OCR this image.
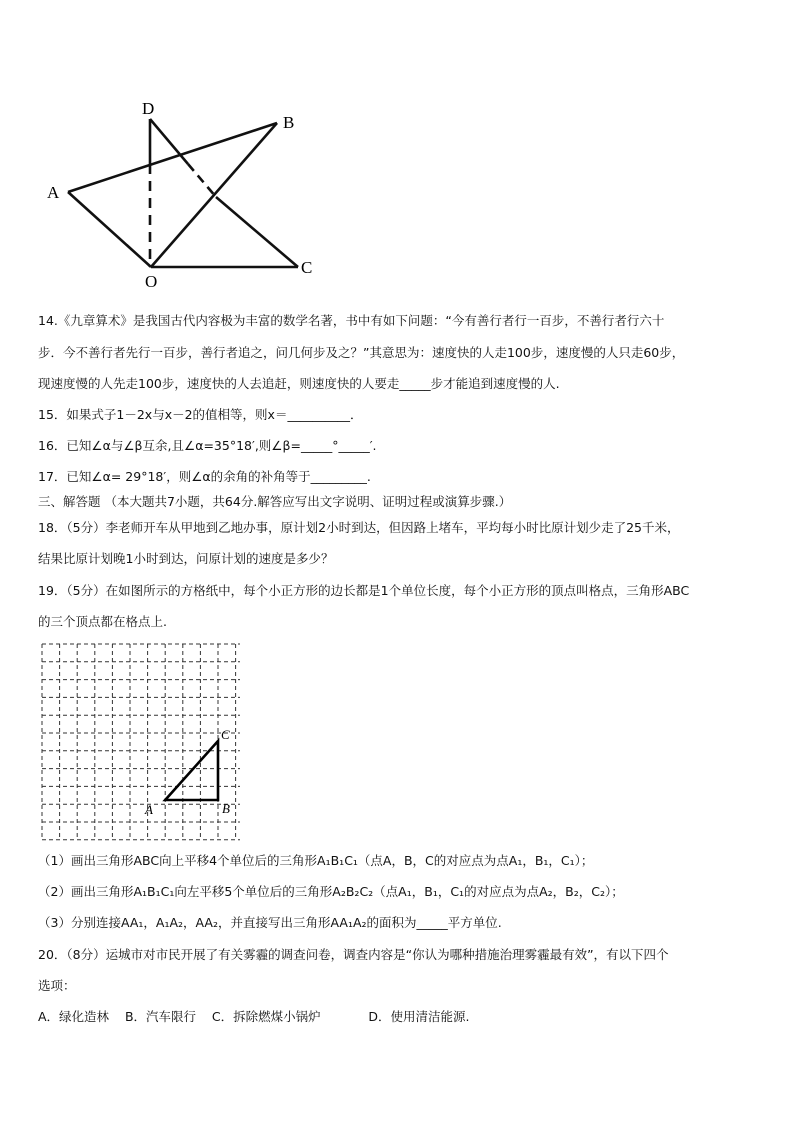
D
B
A
O
C
14.《九章算术》是我国古代内容极为丰富的数学名著，书中有如下问题：“今有善行者行一百步，不善行者行六十
步．今不善行者先行一百步，善行者追之，问几何步及之？”其意思为：速度快的人走100步，速度慢的人只走60步，
现速度慢的人先走100步，速度快的人去追赶，则速度快的人要走_____步才能追到速度慢的人.
15．如果式子1－2x与x－2的值相等，则x＝__________．
16．已知∠α与∠β互余,且∠α=35°18′,则∠β=_____°_____′.
17．已知∠α= 29°18′，则∠α的余角的补角等于_________.
三、解答题 （本大题共7小题，共64分.解答应写出文字说明、证明过程或演算步骤.）
18．（5分）李老师开车从甲地到乙地办事，原计划2小时到达，但因路上堵车，平均每小时比原计划少走了25千米，
结果比原计划晚1小时到达，问原计划的速度是多少？
19．（5分）在如图所示的方格纸中，每个小正方形的边长都是1个单位长度，每个小正方形的顶点叫格点，三角形ABC
的三个顶点都在格点上.
A	B
C
（1）画出三角形ABC向上平移4个单位后的三角形A₁B₁C₁（点A，B，C的对应点为点A₁，B₁，C₁）；
（2）画出三角形A₁B₁C₁向左平移5个单位后的三角形A₂B₂C₂（点A₁，B₁，C₁的对应点为点A₂，B₂，C₂）；
（3）分别连接AA₁，A₁A₂，AA₂，并直接写出三角形AA₁A₂的面积为_____平方单位.
20．（8分）运城市对市民开展了有关雾霾的调查问卷，调查内容是“你认为哪种措施治理雾霾最有效”，有以下四个
选项：
A．绿化造林    B．汽车限行    C．拆除燃煤小锅炉            D．使用清洁能源.
